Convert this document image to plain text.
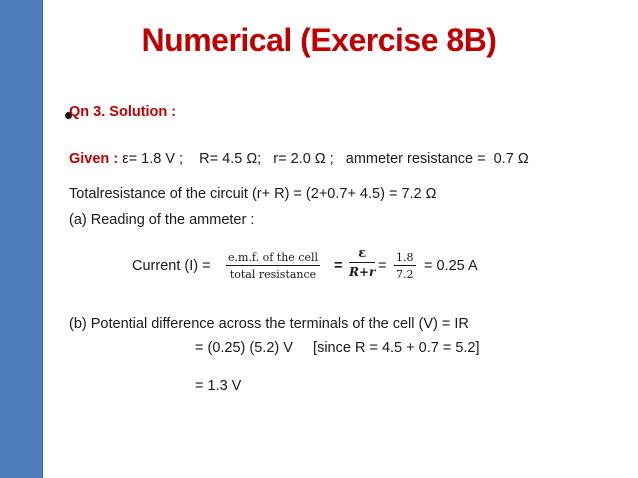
Numerical (Exercise 8B)
Qn 3. Solution :
Given : ε= 1.8 V ;    R= 4.5 Ω;   r= 2.0 Ω ;   ammeter resistance =  0.7 Ω
Totalresistance of the circuit (r+ R) = (2+0.7+ 4.5) = 7.2 Ω
(a) Reading of the ammeter :
Current (I) =
e.m.f. of the cell
total resistance
= $\frac{\varepsilon}{R+r} = \frac{1.8}{7.2} = 0.25$ A
(b) Potential difference across the terminals of the cell (V) = IR
= (0.25) (5.2) V     [since R = 4.5 + 0.7 = 5.2]
= 1.3 V
